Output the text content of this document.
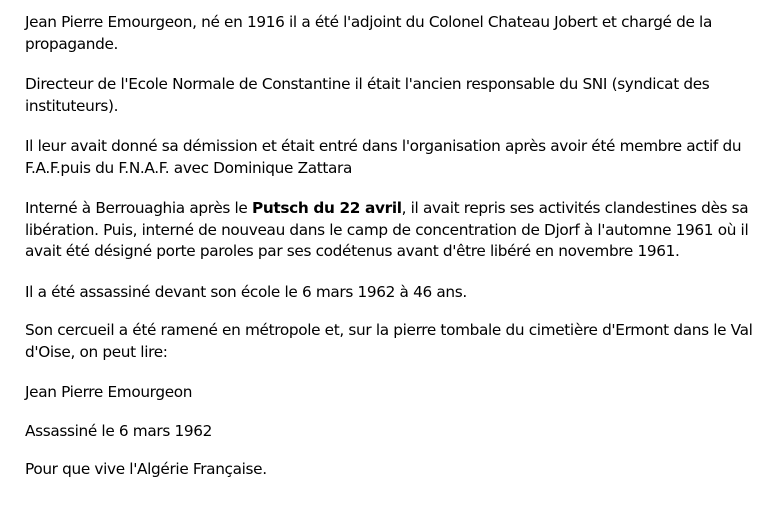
Jean Pierre Emourgeon, né en 1916 il a été l'adjoint du Colonel Chateau Jobert et chargé de la propagande.

Directeur de l'Ecole Normale de Constantine il était l'ancien responsable du SNI (syndicat des instituteurs).

Il leur avait donné sa démission et était entré dans l'organisation après avoir été membre actif du F.A.F.puis du F.N.A.F. avec Dominique Zattara

Interné à Berrouaghia après le Putsch du 22 avril, il avait repris ses activités clandestines dès sa libération. Puis, interné de nouveau dans le camp de concentration de Djorf à l'automne 1961 où il avait été désigné porte paroles par ses codétenus avant d'être libéré en novembre 1961.

Il a été assassiné devant son école le 6 mars 1962 à 46 ans.

Son cercueil a été ramené en métropole et, sur la pierre tombale du cimetière d'Ermont dans le Val d'Oise, on peut lire:

Jean Pierre Emourgeon

Assassiné le 6 mars 1962

Pour que vive l'Algérie Française.
